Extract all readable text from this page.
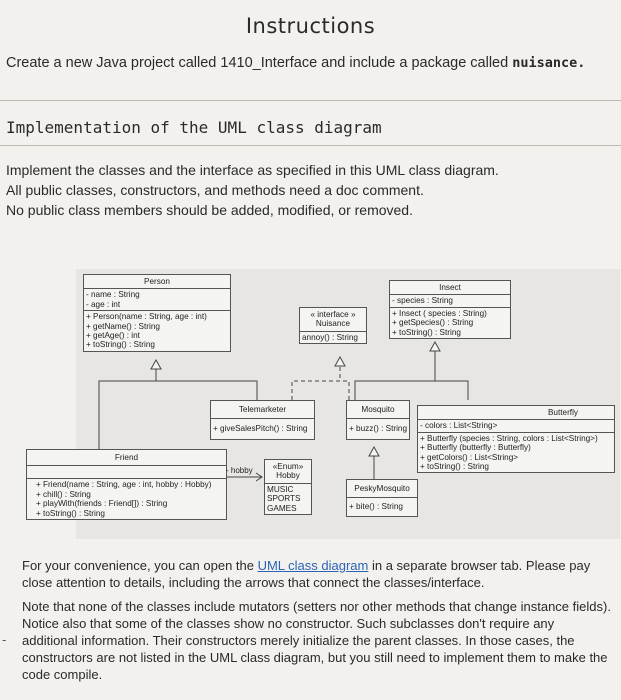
Instructions
Create a new Java project called 1410_Interface and include a package called nuisance.
Implementation of the UML class diagram

Implement the classes and the interface as specified in this UML class diagram.

All public classes, constructors, and methods need a doc comment.

No public class members should be added, modified, or removed.

Person
- name : String
- age : int
+ Person(name : String, age : int)
+ getName() : String
+ getAge() : int
+ toString() : String
« interface »
Nuisance
annoy() : String
Insect
- species : String
+ Insect ( species : String)
+ getSpecies() : String
+ toString() : String
Telemarketer
+ giveSalesPitch() : String
Mosquito
+ buzz() : String
Butterfly
- colors : List<String>
+ Butterfly (species : String, colors : List<String>)
+ Butterfly (butterfly : Butterfly)
+ getColors() : List<String>
+ toString() : String
Friend
+ Friend(name : String, age : int, hobby : Hobby)
+ chill() : String
+ playWith(friends : Friend[]) : String
+ toString() : String
- hobby	«Enum»
Hobby
MUSIC
SPORTS
GAMES
PeskyMosquito
+ bite() : String

For your convenience, you can open the UML class diagram in a separate browser tab. Please pay close attention to details, including the arrows that connect the classes/interface.

Note that none of the classes include mutators (setters nor other methods that change instance fields). Notice also that some of the classes show no constructor. Such subclasses don't require any additional information. Their constructors merely initialize the parent classes. In those cases, the constructors are not listed in the UML class diagram, but you still need to implement them to make the code compile.

-
